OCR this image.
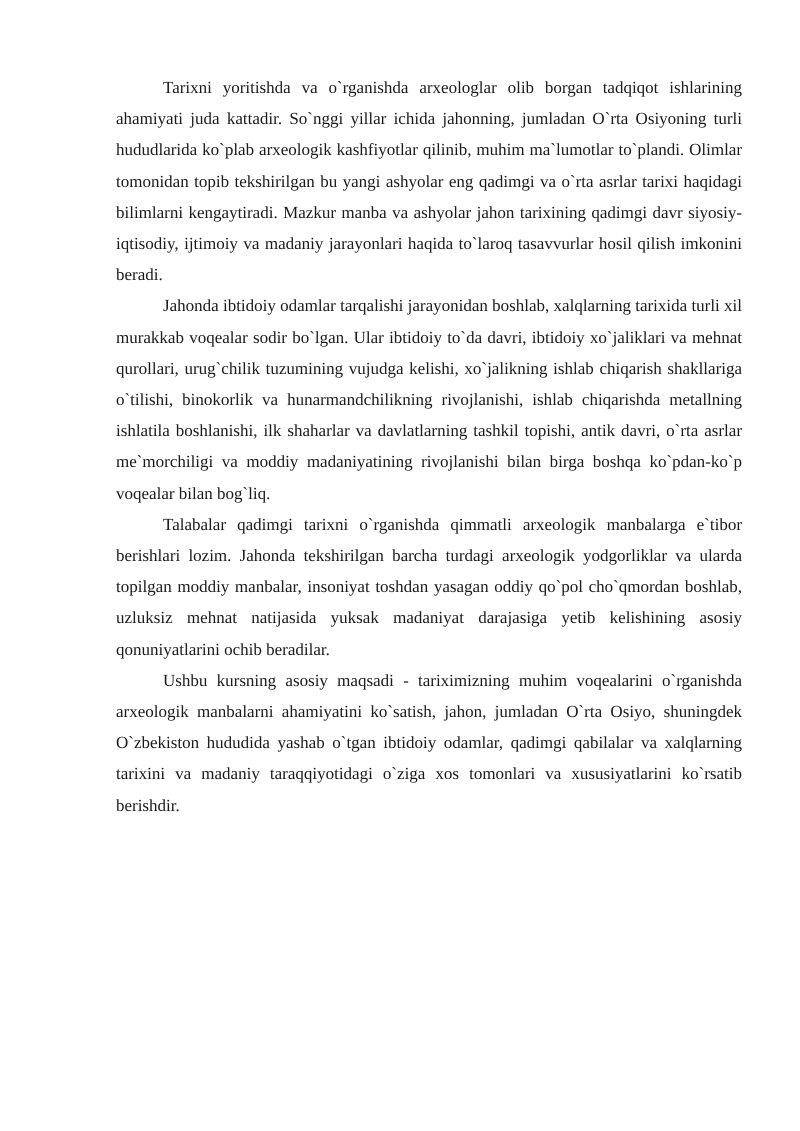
Tarixni yoritishda va o`rganishda arxeologlar olib borgan tadqiqot ishlarining ahamiyati juda kattadir. So`nggi yillar ichida jahonning, jumladan O`rta Osiyoning turli hududlarida ko`plab arxeologik kashfiyotlar qilinib, muhim ma`lumotlar to`plandi. Olimlar tomonidan topib tekshirilgan bu yangi ashyolar eng qadimgi va o`rta asrlar tarixi haqidagi bilimlarni kengaytiradi. Mazkur manba va ashyolar jahon tarixining qadimgi davr siyosiy-iqtisodiy, ijtimoiy va madaniy jarayonlari haqida to`laroq tasavvurlar hosil qilish imkonini beradi.

Jahonda ibtidoiy odamlar tarqalishi jarayonidan boshlab, xalqlarning tarixida turli xil murakkab voqealar sodir bo`lgan. Ular ibtidoiy to`da davri, ibtidoiy xo`jaliklari va mehnat qurollari, urug`chilik tuzumining vujudga kelishi, xo`jalikning ishlab chiqarish shakllariga o`tilishi, binokorlik va hunarmandchilikning rivojlanishi, ishlab chiqarishda metallning ishlatila boshlanishi, ilk shaharlar va davlatlarning tashkil topishi, antik davri, o`rta asrlar me`morchiligi va moddiy madaniyatining rivojlanishi bilan birga boshqa ko`pdan-ko`p voqealar bilan bog`liq.

Talabalar qadimgi tarixni o`rganishda qimmatli arxeologik manbalarga e`tibor berishlari lozim. Jahonda tekshirilgan barcha turdagi arxeologik yodgorliklar va ularda topilgan moddiy manbalar, insoniyat toshdan yasagan oddiy qo`pol cho`qmordan boshlab, uzluksiz mehnat natijasida yuksak madaniyat darajasiga yetib kelishining asosiy qonuniyatlarini ochib beradilar.

Ushbu kursning asosiy maqsadi - tariximizning muhim voqealarini o`rganishda arxeologik manbalarni ahamiyatini ko`satish, jahon, jumladan O`rta Osiyo, shuningdek O`zbekiston hududida yashab o`tgan ibtidoiy odamlar, qadimgi qabilalar va xalqlarning tarixini va madaniy taraqqiyotidagi o`ziga xos tomonlari va xususiyatlarini ko`rsatib berishdir.
